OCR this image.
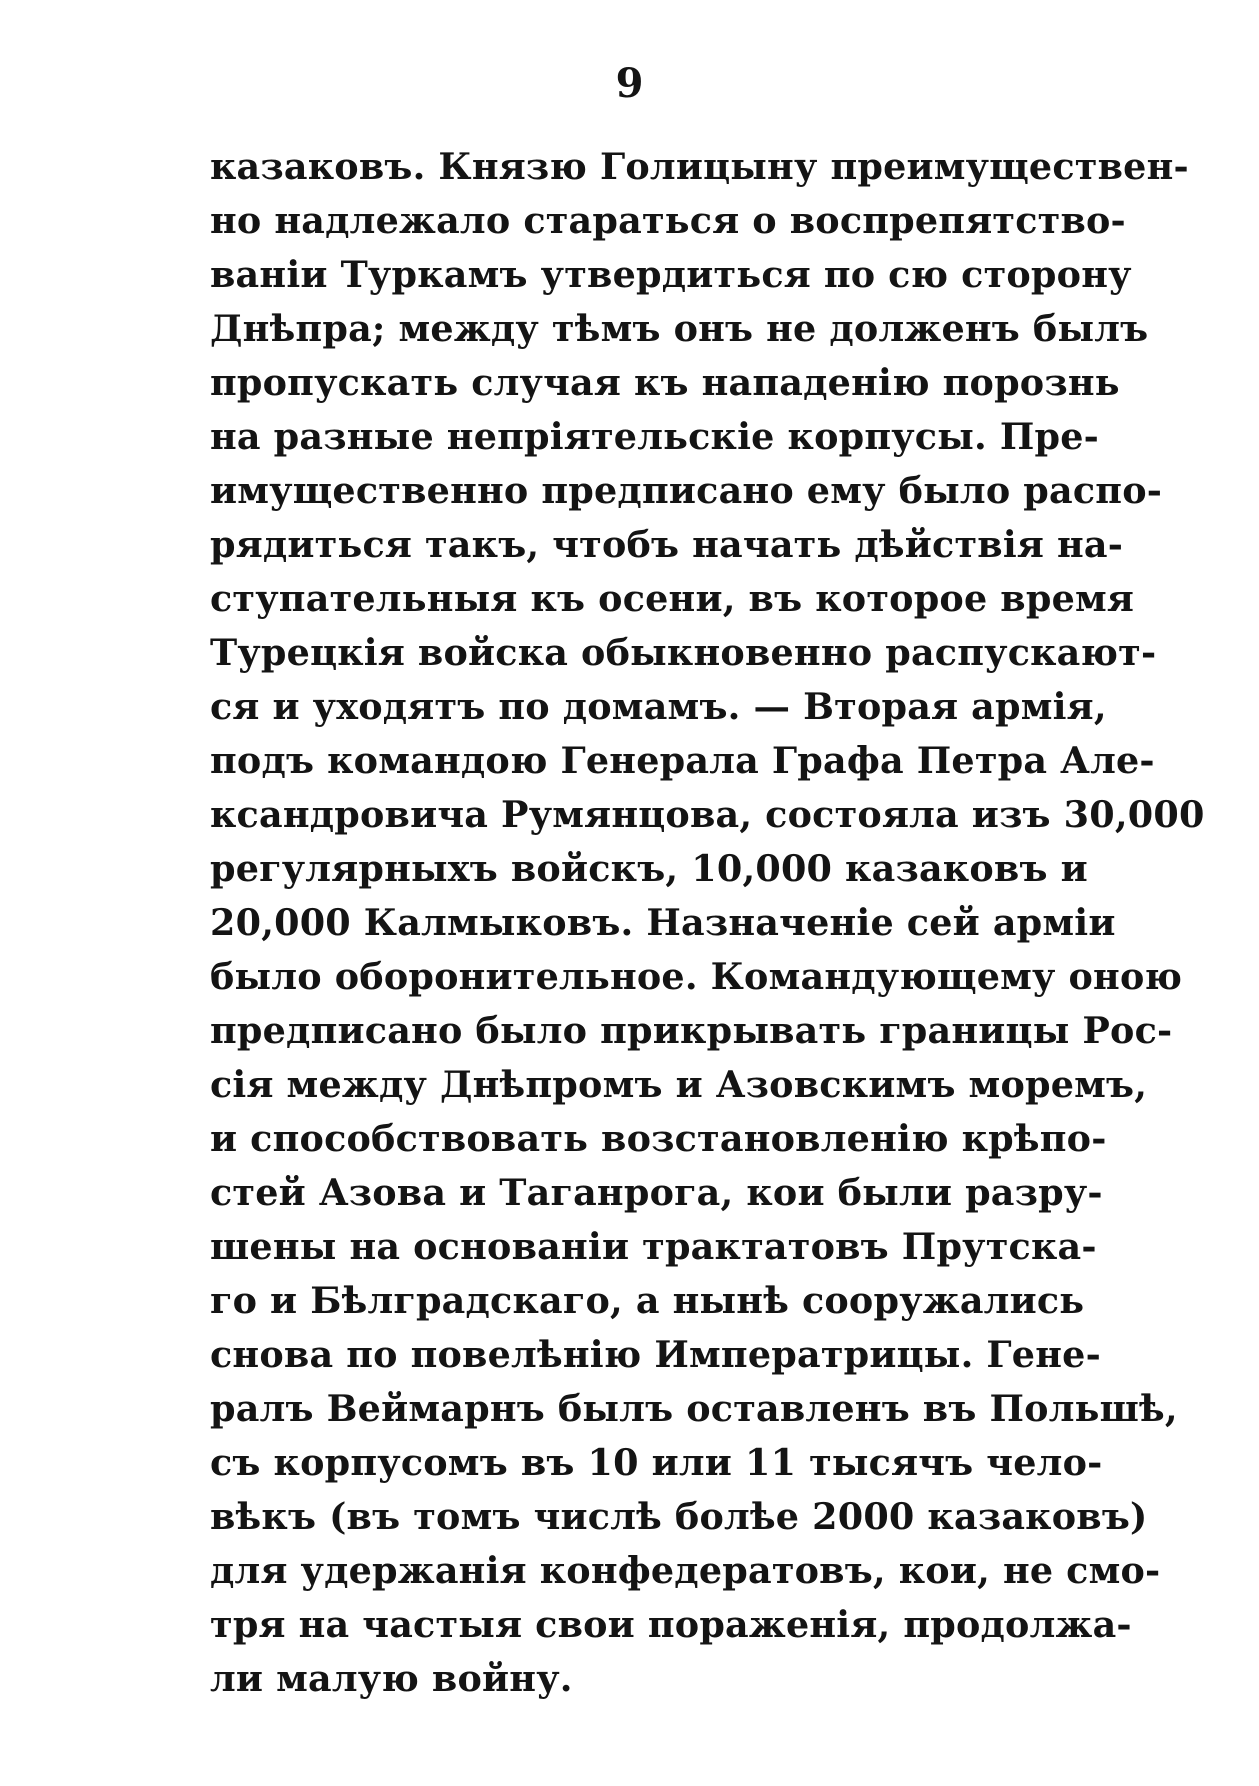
9
казаковъ. Князю Голицыну преимуществен-
но надлежало стараться о воспрепятство-
ваніи Туркамъ утвердиться по сю сторону
Днѣпра; между тѣмъ онъ не долженъ былъ
пропускать случая къ нападенію порознь
на разные непріятельскіе корпусы. Пре-
имущественно предписано ему было распо-
рядиться такъ, чтобъ начать дѣйствія на-
ступательныя къ осени, въ которое время
Турецкія войска обыкновенно распускают-
ся и уходятъ по домамъ. — Вторая армія,
подъ командою Генерала Графа Петра Але-
ксандровича Румянцова, состояла изъ 30,000
регулярныхъ войскъ, 10,000 казаковъ и
20,000 Калмыковъ. Назначеніе сей арміи
было оборонительное. Командующему оною
предписано было прикрывать границы Рос-
сія между Днѣпромъ и Азовскимъ моремъ,
и способствовать возстановленію крѣпо-
стей Азова и Таганрога, кои были разру-
шены на основаніи трактатовъ Прутска-
го и Бѣлградскаго, а нынѣ сооружались
снова по повелѣнію Императрицы. Гене-
ралъ Веймарнъ былъ оставленъ въ Польшѣ,
съ корпусомъ въ 10 или 11 тысячъ чело-
вѣкъ (въ томъ числѣ болѣе 2000 казаковъ)
для удержанія конфедератовъ, кои, не смо-
тря на частыя свои пораженія, продолжа-
ли малую войну.
